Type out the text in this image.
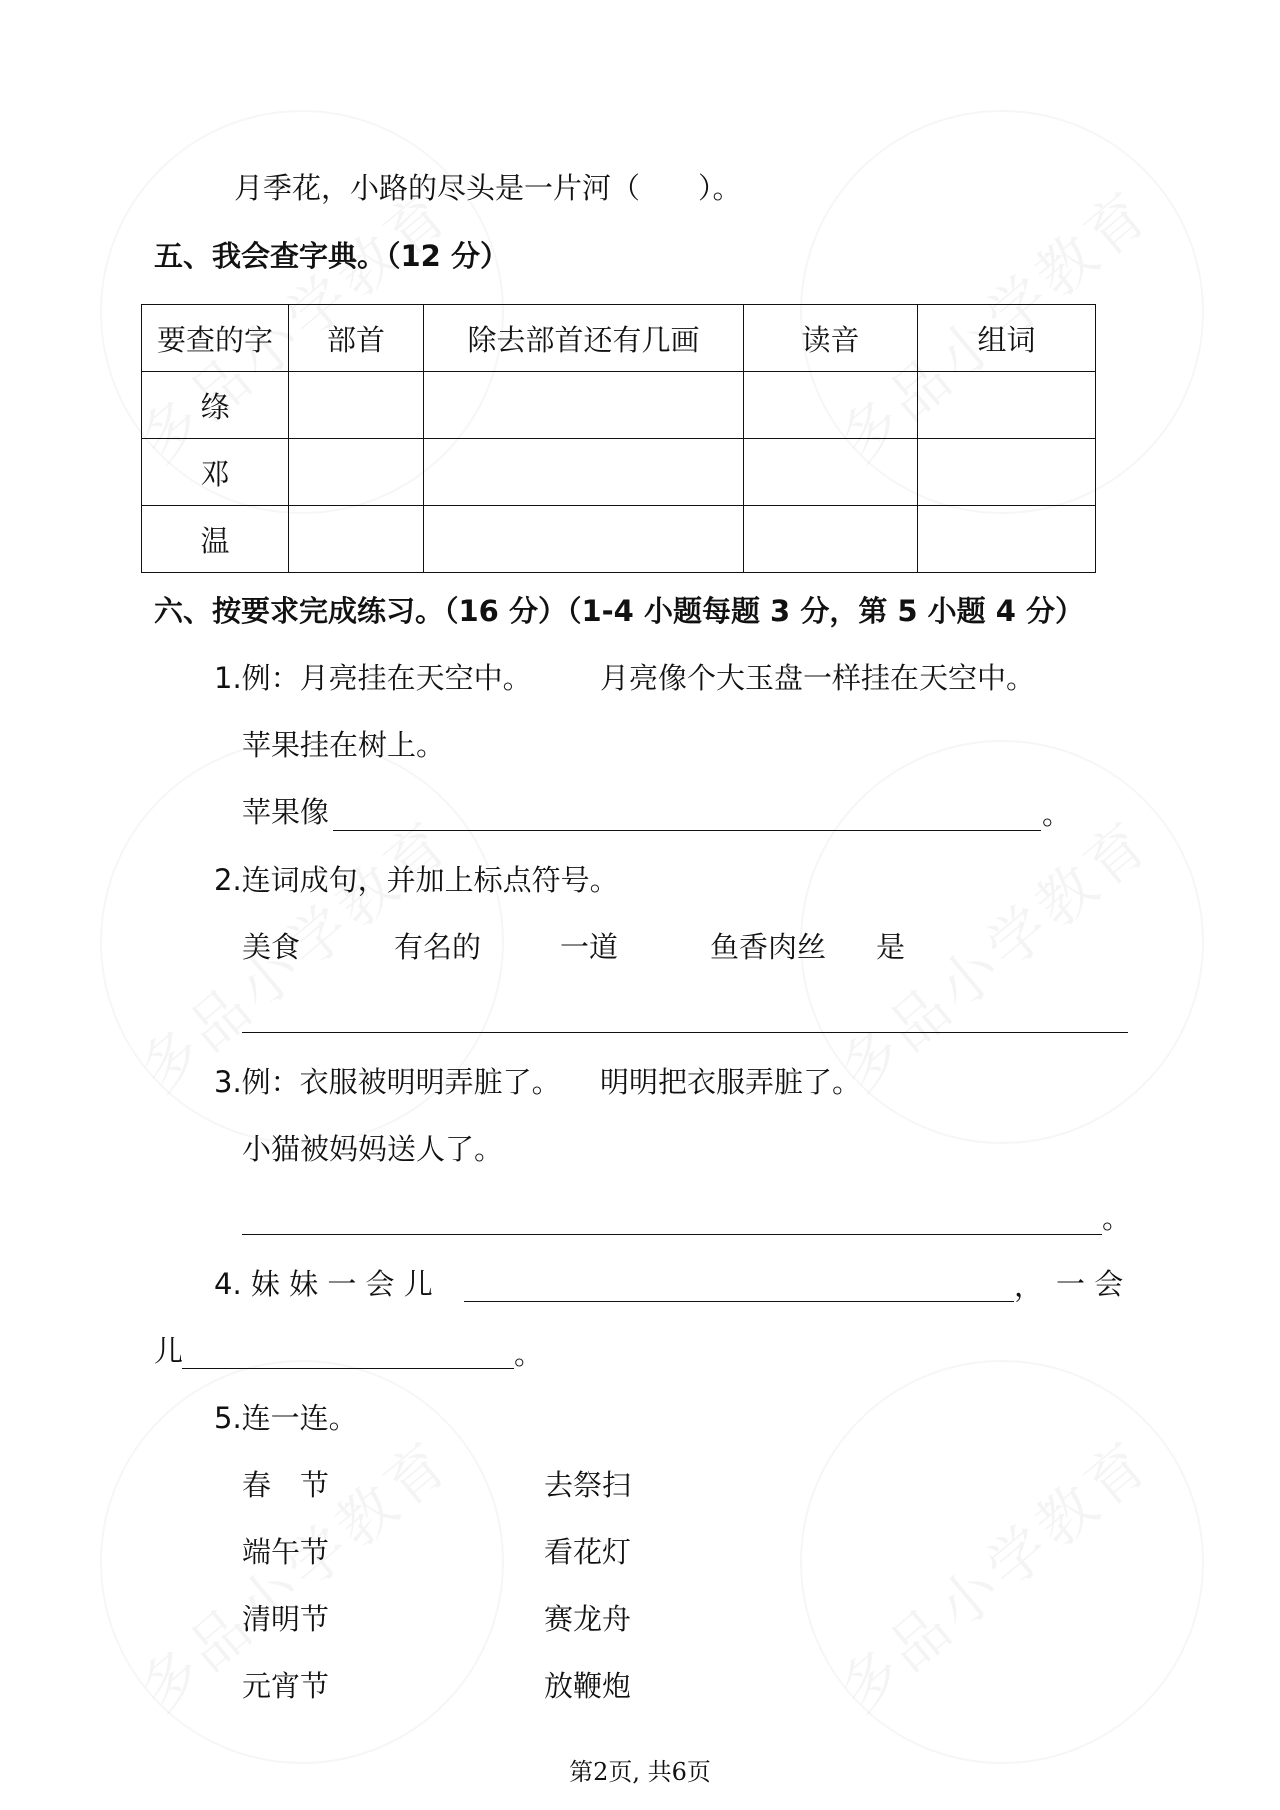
月季花，小路的尽头是一片河（　　）。
五、我会查字典。（12 分）
要查的字	部首	除去部首还有几画	读音	组词
绦				
邓				
温				
六、按要求完成练习。（16 分）（1-4 小题每题 3 分，第 5 小题 4 分）
1.例：月亮挂在天空中。 月亮像个大玉盘一样挂在天空中。
苹果挂在树上。
苹果像	。
2.连词成句，并加上标点符号。
美食	有名的	一道	鱼香肉丝 是
3.例：衣服被明明弄脏了。 明明把衣服弄脏了。
小猫被妈妈送人了。
。
4. 妹 妹 一 会 儿	， 一 会
儿	。
5.连一连。
春　节	去祭扫
端午节	看花灯
清明节	赛龙舟
元宵节	放鞭炮
第2页, 共6页
